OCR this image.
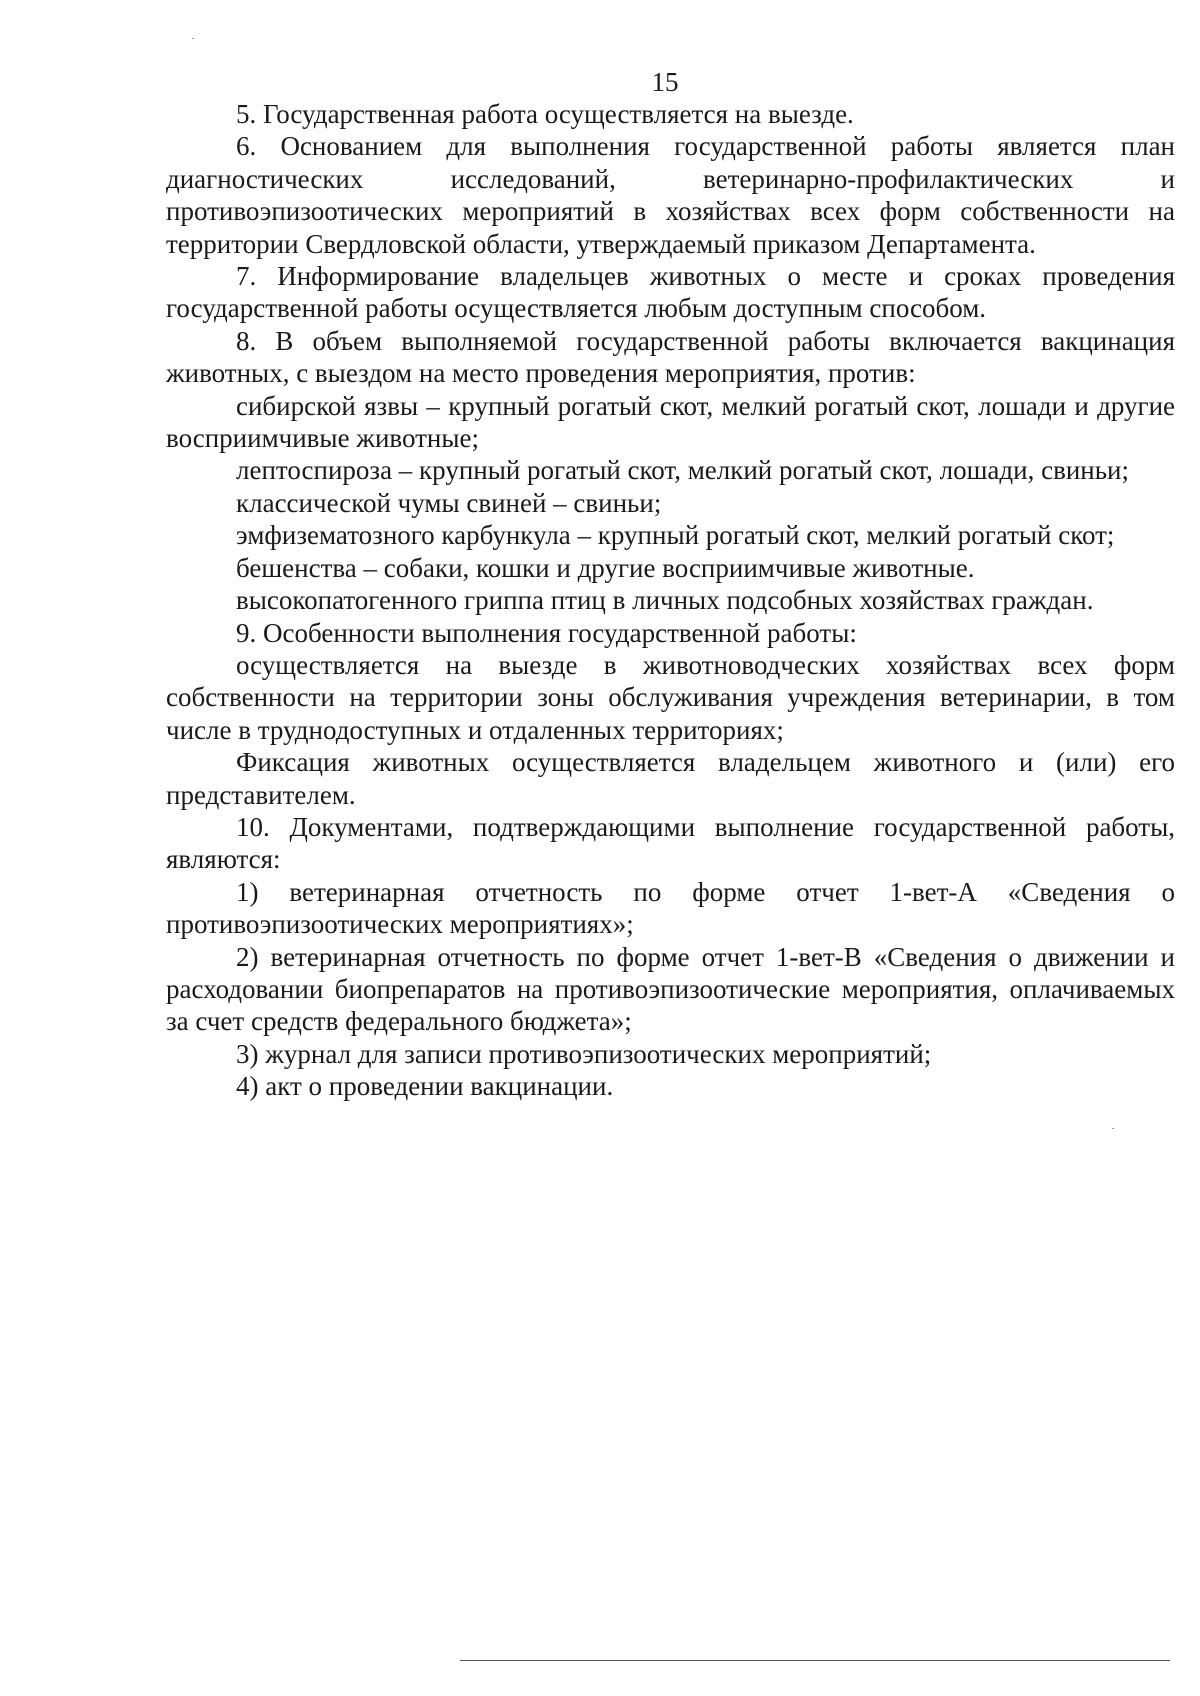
15

5. Государственная работа осуществляется на выезде.

6. Основанием для выполнения государственной работы является план диагностических исследований, ветеринарно-профилактических и противоэпизоотических мероприятий в хозяйствах всех форм собственности на территории Свердловской области, утверждаемый приказом Департамента.

7. Информирование владельцев животных о месте и сроках проведения государственной работы осуществляется любым доступным способом.

8. В объем выполняемой государственной работы включается вакцинация животных, с выездом на место проведения мероприятия, против:

сибирской язвы – крупный рогатый скот, мелкий рогатый скот, лошади и другие восприимчивые животные;

лептоспироза – крупный рогатый скот, мелкий рогатый скот, лошади, свиньи;

классической чумы свиней – свиньи;

эмфизематозного карбункула – крупный рогатый скот, мелкий рогатый скот;

бешенства – собаки, кошки и другие восприимчивые животные.

высокопатогенного гриппа птиц в личных подсобных хозяйствах граждан.

9. Особенности выполнения государственной работы:

осуществляется на выезде в животноводческих хозяйствах всех форм собственности на территории зоны обслуживания учреждения ветеринарии, в том числе в труднодоступных и отдаленных территориях;

Фиксация животных осуществляется владельцем животного и (или) его представителем.

10. Документами, подтверждающими выполнение государственной работы, являются:

1) ветеринарная отчетность по форме отчет 1-вет-А «Сведения о противоэпизоотических мероприятиях»;

2) ветеринарная отчетность по форме отчет 1-вет-В «Сведения о движении и расходовании биопрепаратов на противоэпизоотические мероприятия, оплачиваемых за счет средств федерального бюджета»;

3) журнал для записи противоэпизоотических мероприятий;

4) акт о проведении вакцинации.
